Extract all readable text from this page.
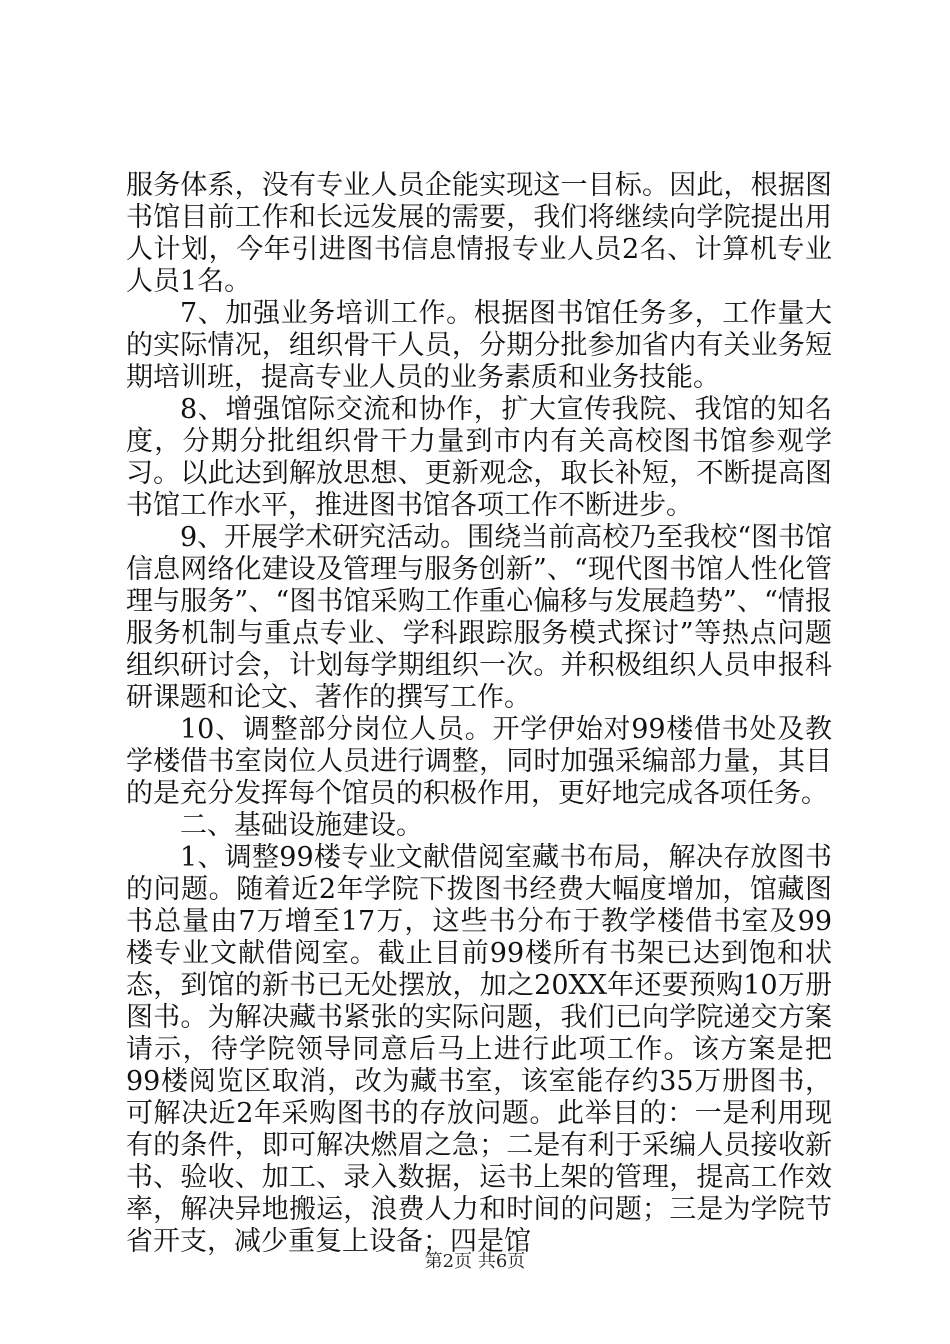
服务体系，没有专业人员企能实现这一目标。因此，根据图书馆目前工作和长远发展的需要，我们将继续向学院提出用人计划，今年引进图书信息情报专业人员2名、计算机专业人员1名。

7、加强业务培训工作。根据图书馆任务多，工作量大的实际情况，组织骨干人员，分期分批参加省内有关业务短期培训班，提高专业人员的业务素质和业务技能。

8、增强馆际交流和协作，扩大宣传我院、我馆的知名度，分期分批组织骨干力量到市内有关高校图书馆参观学习。以此达到解放思想、更新观念，取长补短，不断提高图书馆工作水平，推进图书馆各项工作不断进步。

9、开展学术研究活动。围绕当前高校乃至我校“图书馆信息网络化建设及管理与服务创新”、“现代图书馆人性化管理与服务”、“图书馆采购工作重心偏移与发展趋势”、“情报服务机制与重点专业、学科跟踪服务模式探讨”等热点问题组织研讨会，计划每学期组织一次。并积极组织人员申报科研课题和论文、著作的撰写工作。

10、调整部分岗位人员。开学伊始对99楼借书处及教学楼借书室岗位人员进行调整，同时加强采编部力量，其目的是充分发挥每个馆员的积极作用，更好地完成各项任务。

二、基础设施建设。

1、调整99楼专业文献借阅室藏书布局，解决存放图书的问题。随着近2年学院下拨图书经费大幅度增加，馆藏图书总量由7万增至17万，这些书分布于教学楼借书室及99楼专业文献借阅室。截止目前99楼所有书架已达到饱和状态，到馆的新书已无处摆放，加之20XX年还要预购10万册图书。为解决藏书紧张的实际问题，我们已向学院递交方案请示，待学院领导同意后马上进行此项工作。该方案是把99楼阅览区取消，改为藏书室，该室能存约35万册图书，可解决近2年采购图书的存放问题。此举目的：一是利用现有的条件，即可解决燃眉之急；二是有利于采编人员接收新书、验收、加工、录入数据，运书上架的管理，提高工作效率，解决异地搬运，浪费人力和时间的问题；三是为学院节省开支，减少重复上设备；四是馆

第2页 共6页
